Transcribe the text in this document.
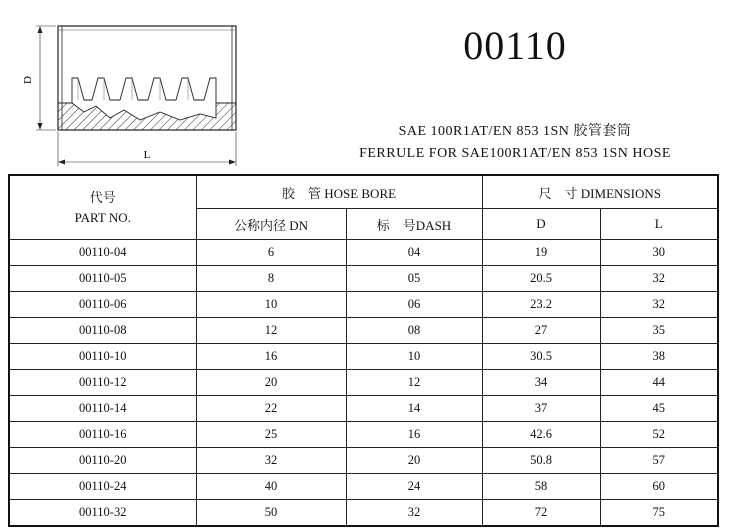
D
L
00110
SAE 100R1AT/EN 853 1SN 胶管套筒
FERRULE FOR SAE100R1AT/EN 853 1SN HOSE
代号
PART NO.	胶　管 HOSE BORE		尺　寸 DIMENSIONS	
	公称内径 DN	标　号DASH	D	L
00110-04	6	04	19	30
00110-05	8	05	20.5	32
00110-06	10	06	23.2	32
00110-08	12	08	27	35
00110-10	16	10	30.5	38
00110-12	20	12	34	44
00110-14	22	14	37	45
00110-16	25	16	42.6	52
00110-20	32	20	50.8	57
00110-24	40	24	58	60
00110-32	50	32	72	75
